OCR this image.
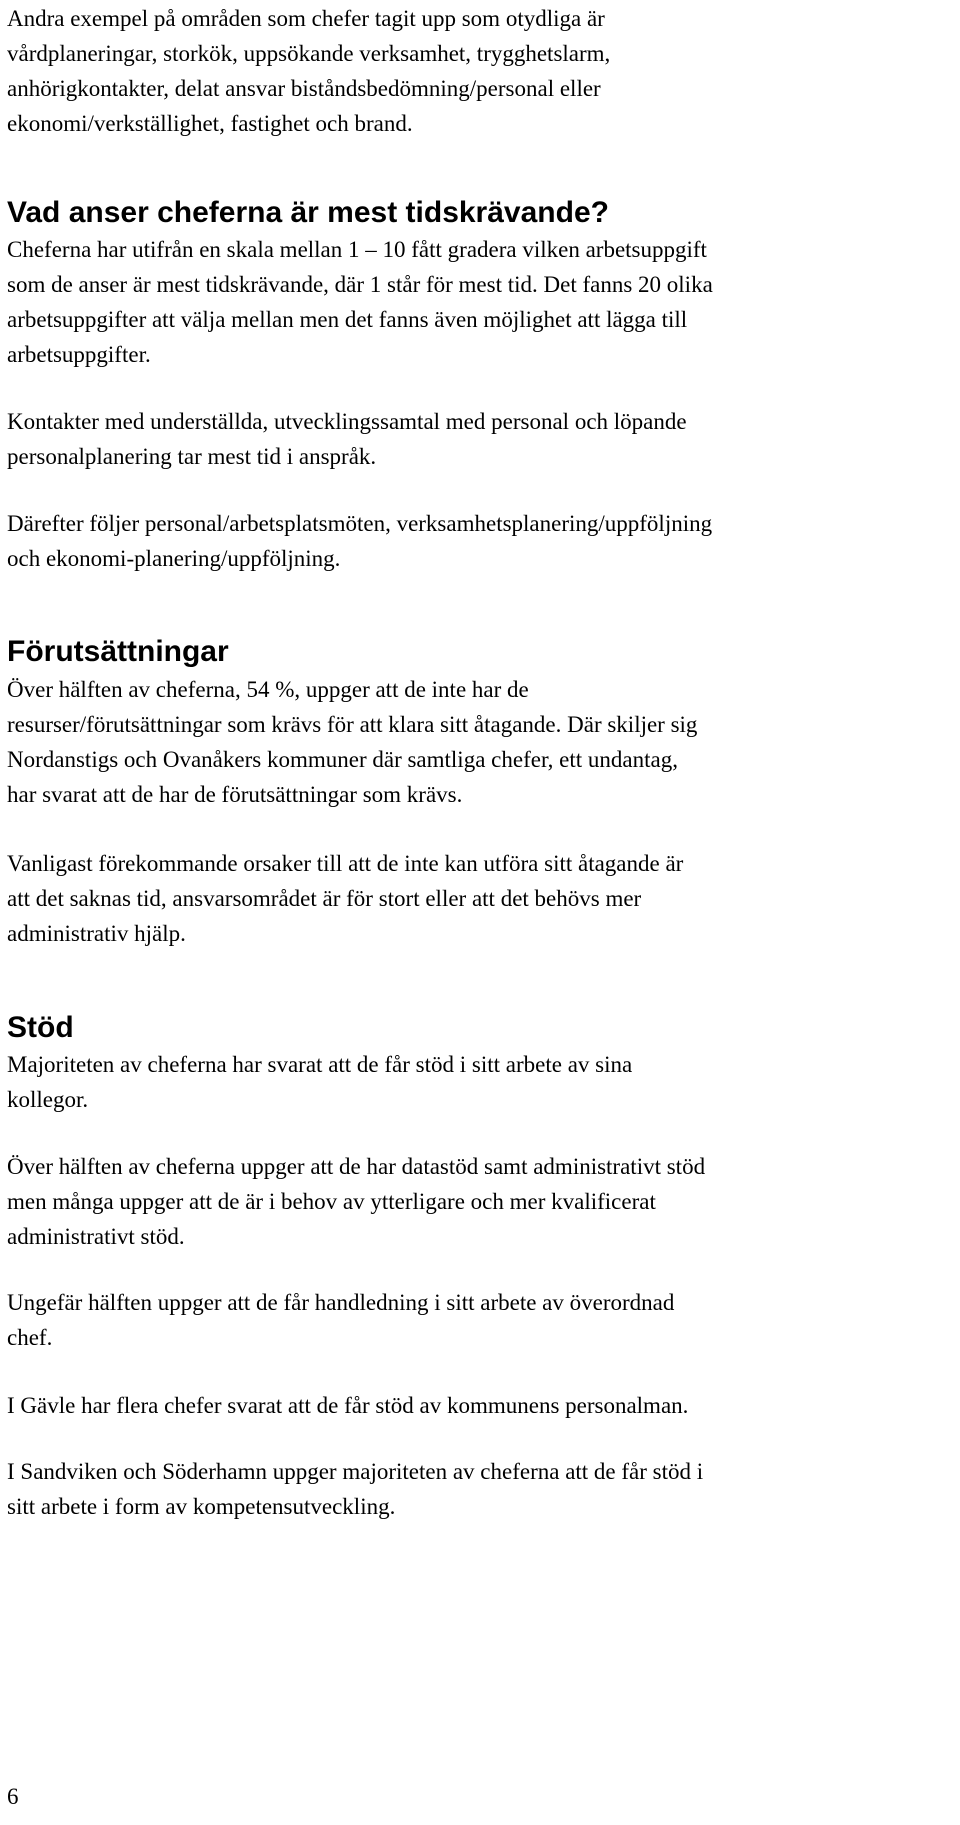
Andra exempel på områden som chefer tagit upp som otydliga är
vårdplaneringar, storkök, uppsökande verksamhet, trygghetslarm,
anhörigkontakter, delat ansvar biståndsbedömning/personal eller
ekonomi/verkställighet, fastighet och brand.

Vad anser cheferna är mest tidskrävande?

Cheferna har utifrån en skala mellan 1 – 10 fått gradera vilken arbetsuppgift
som de anser är mest tidskrävande, där 1 står för mest tid. Det fanns 20 olika
arbetsuppgifter att välja mellan men det fanns även möjlighet att lägga till
arbetsuppgifter.

Kontakter med underställda, utvecklingssamtal med personal och löpande
personalplanering tar mest tid i anspråk.

Därefter följer personal/arbetsplatsmöten, verksamhetsplanering/uppföljning
och ekonomi-planering/uppföljning.

Förutsättningar

Över hälften av cheferna, 54 %, uppger att de inte har de
resurser/förutsättningar som krävs för att klara sitt åtagande. Där skiljer sig
Nordanstigs och Ovanåkers kommuner där samtliga chefer, ett undantag,
har svarat att de har de förutsättningar som krävs.

Vanligast förekommande orsaker till att de inte kan utföra sitt åtagande är
att det saknas tid, ansvarsområdet är för stort eller att det behövs mer
administrativ hjälp.

Stöd

Majoriteten av cheferna har svarat att de får stöd i sitt arbete av sina
kollegor.

Över hälften av cheferna uppger att de har datastöd samt administrativt stöd
men många uppger att de är i behov av ytterligare och mer kvalificerat
administrativt stöd.

Ungefär hälften uppger att de får handledning i sitt arbete av överordnad
chef.

I Gävle har flera chefer svarat att de får stöd av kommunens personalman.

I Sandviken och Söderhamn uppger majoriteten av cheferna att de får stöd i
sitt arbete i form av kompetensutveckling.

6
